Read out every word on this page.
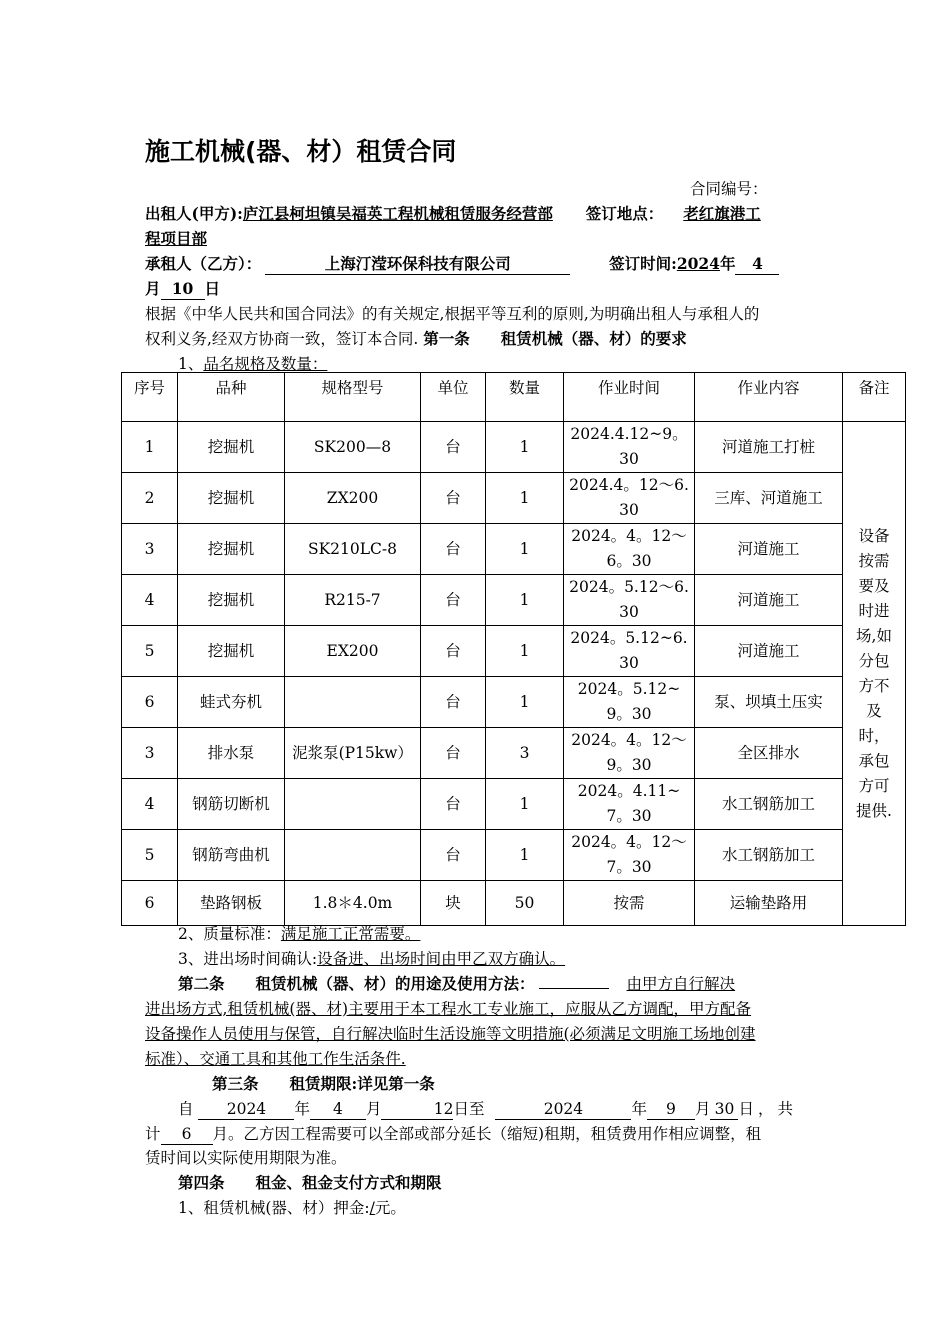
施工机械(器、材）租赁合同
合同编号：
出租人(甲方):庐江县柯坦镇吴福英工程机械租赁服务经营部 签订地点： 老红旗港工
程项目部
承租人（乙方）：	上海汀滢环保科技有限公司	签订时间:2024年 4
月 10 日
根据《中华人民共和国合同法》的有关规定,根据平等互利的原则,为明确出租人与承租人的
权利义务,经双方协商一致，签订本合同. 第一条　　租赁机械（器、材）的要求
1、品名规格及数量：
序号	品种	规格型号	单位	数量	作业时间	作业内容	备注
1	挖掘机	SK200—8	台	1	2024.4.12~9。30	河道施工打桩	设备按需要及时进场,如分包方不及时，承包方可提供.
2	挖掘机	ZX200	台	1	2024.4。12～6.30	三库、河道施工	
3	挖掘机	SK210LC-8	台	1	2024。4。12～6。30	河道施工	
4	挖掘机	R215-7	台	1	2024。5.12～6.30	河道施工	
5	挖掘机	EX200	台	1	2024。5.12~6.30	河道施工	
6	蛙式夯机		台	1	2024。5.12~9。30	泵、坝填土压实	
3	排水泵	泥浆泵(P15kw）	台	3	2024。4。12～9。30	全区排水	
4	钢筋切断机		台	1	2024。4.11~7。30	水工钢筋加工	
5	钢筋弯曲机		台	1	2024。4。12～7。30	水工钢筋加工	
6	垫路钢板	1.8＊4.0m	块	50	按需	运输垫路用	
2、质量标准：满足施工正常需要。
3、进出场时间确认:设备进、出场时间由甲乙双方确认。
第二条　　租赁机械（器、材）的用途及使用方法：	由甲方自行解决
进出场方式,租赁机械(器、材)主要用于本工程水工专业施工，应服从乙方调配，甲方配备
设备操作人员使用与保管，自行解决临时生活设施等文明措施(必须满足文明施工场地创建
标准）、交通工具和其他工作生活条件.
第三条　　租赁期限:详见第一条
自 2024 年 4 月	12日至	2024	年 9 月 30 日，共
计 6 月。乙方因工程需要可以全部或部分延长（缩短)租期，租赁费用作相应调整，租
赁时间以实际使用期限为准。
第四条　　租金、租金支付方式和期限
1、租赁机械(器、材）押金:/元。
